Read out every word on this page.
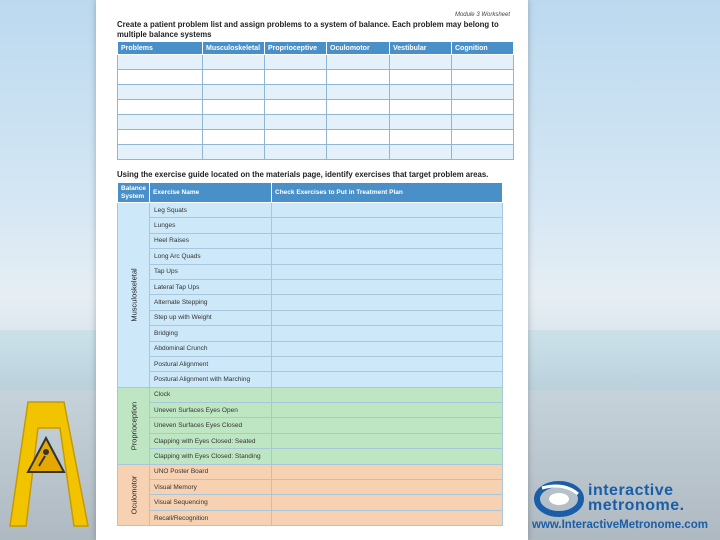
Module 3 Worksheet
Create a patient problem list and assign problems to a system of balance. Each problem may belong to multiple balance systems
Problems	Musculoskeletal	Proprioceptive	Oculomotor	Vestibular	Cognition

Using the exercise guide located on the materials page, identify exercises that target problem areas.
Balance System	Exercise Name	Check Exercises to Put in Treatment Plan

Musculoskeletal	Leg Squats	
	Lunges	
	Heel Raises	
	Long Arc Quads	
	Tap Ups	
	Lateral Tap Ups	
	Alternate Stepping	
	Step up with Weight	
	Bridging	
	Abdominal Crunch	
	Postural Alignment	
	Postural Alignment with Marching	

Proprioception	Clock	
	Uneven Surfaces Eyes Open	
	Uneven Surfaces Eyes Closed	
	Clapping with Eyes Closed: Seated	
	Clapping with Eyes Closed: Standing	

Oculomotor	UNO Poster Board	
	Visual Memory	
	Visual Sequencing	
	Recall/Recognition	
interactive
metronome.
www.InteractiveMetronome.com
